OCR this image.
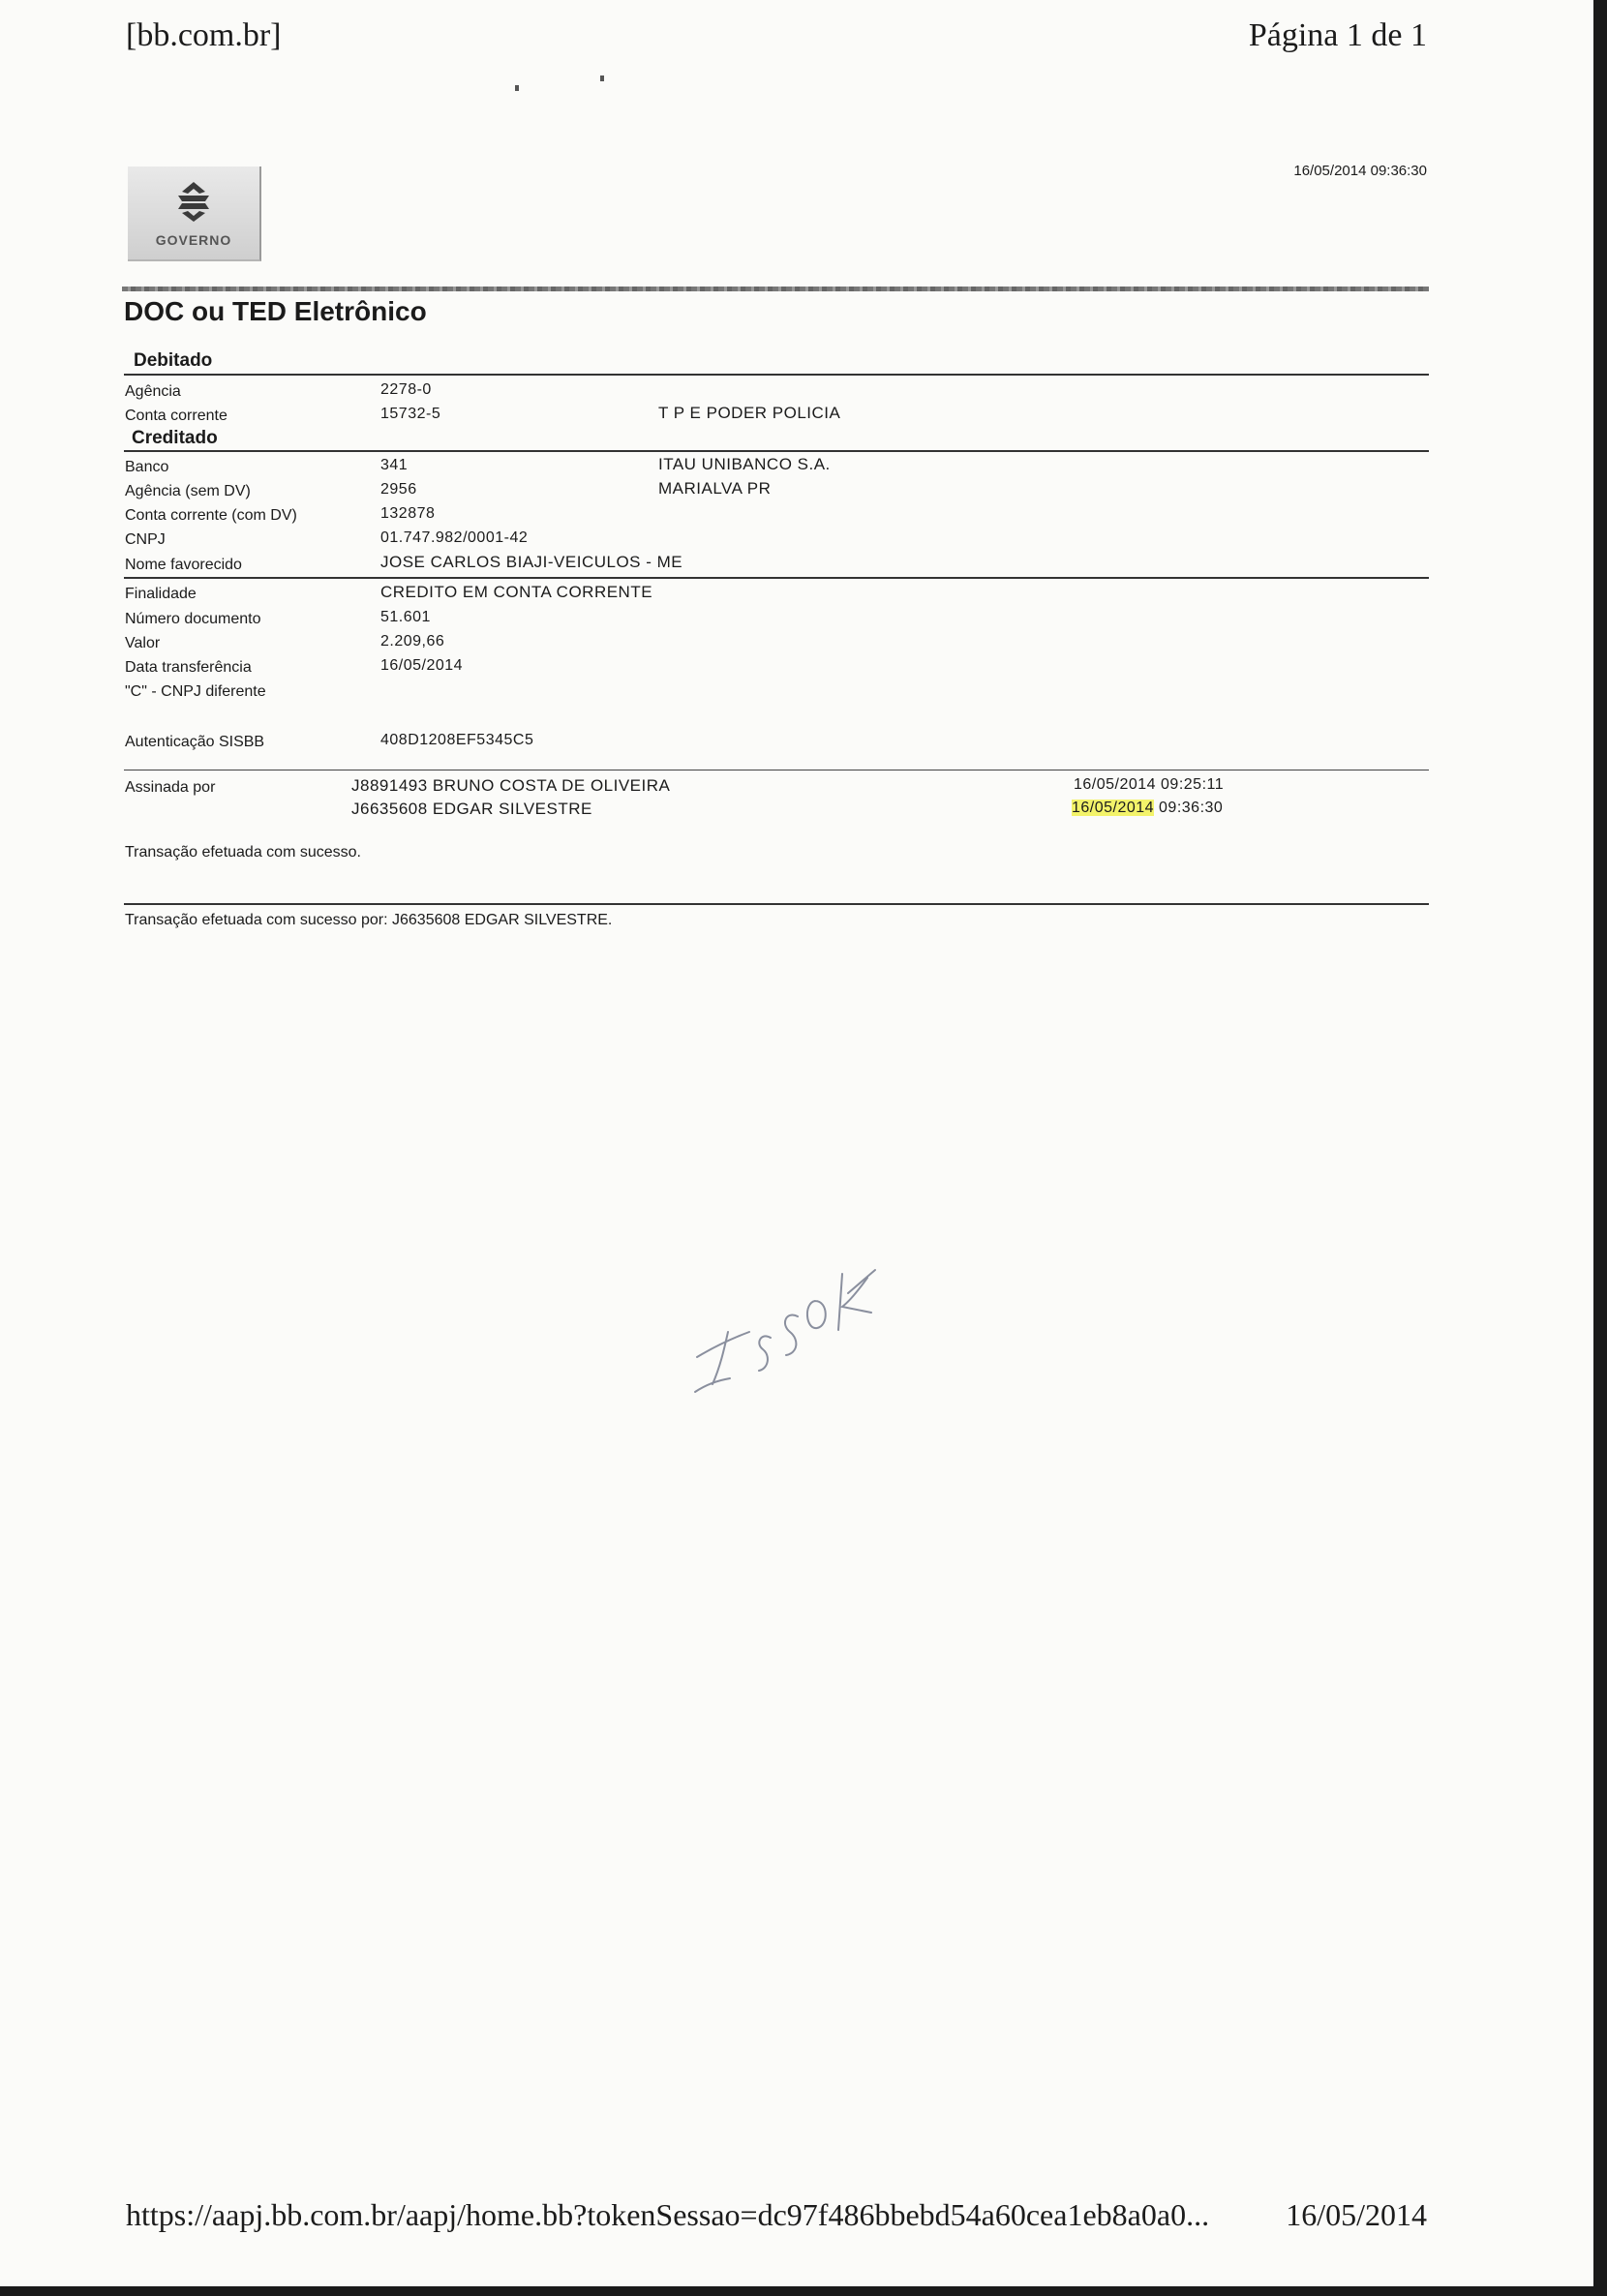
[bb.com.br]	Página 1 de 1
GOVERNO
16/05/2014 09:36:30
DOC ou TED Eletrônico
Debitado
Agência	2278-0
Conta corrente	15732-5	T P E PODER POLICIA
Creditado
Banco	341	ITAU UNIBANCO S.A.
Agência (sem DV)	2956	MARIALVA PR
Conta corrente (com DV)	132878
CNPJ	01.747.982/0001-42
Nome favorecido	JOSE CARLOS BIAJI-VEICULOS - ME
Finalidade	CREDITO EM CONTA CORRENTE
Número documento	51.601
Valor	2.209,66
Data transferência	16/05/2014
"C" - CNPJ diferente
Autenticação SISBB	408D1208EF5345C5
Assinada por	J8891493 BRUNO COSTA DE OLIVEIRA	16/05/2014 09:25:11
J6635608 EDGAR SILVESTRE	16/05/2014 09:36:30
Transação efetuada com sucesso.
Transação efetuada com sucesso por: J6635608 EDGAR SILVESTRE.
https://aapj.bb.com.br/aapj/home.bb?tokenSessao=dc97f486bbebd54a60cea1eb8a0a0... 16/05/2014
